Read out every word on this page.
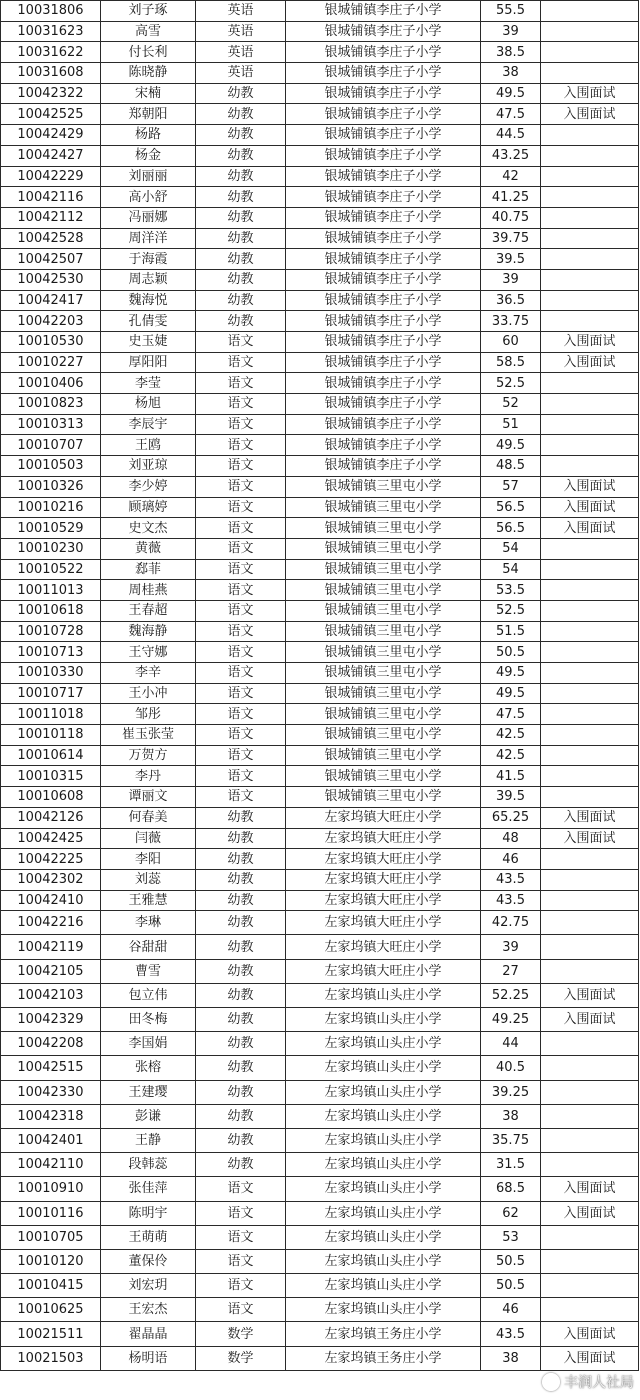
10031806	刘子琢	英语	银城铺镇李庄子小学	55.5	
10031623	高雪	英语	银城铺镇李庄子小学	39	
10031622	付长利	英语	银城铺镇李庄子小学	38.5	
10031608	陈晓静	英语	银城铺镇李庄子小学	38	
10042322	宋楠	幼教	银城铺镇李庄子小学	49.5	入围面试
10042525	郑朝阳	幼教	银城铺镇李庄子小学	47.5	入围面试
10042429	杨路	幼教	银城铺镇李庄子小学	44.5	
10042427	杨金	幼教	银城铺镇李庄子小学	43.25	
10042229	刘丽丽	幼教	银城铺镇李庄子小学	42	
10042116	高小舒	幼教	银城铺镇李庄子小学	41.25	
10042112	冯丽娜	幼教	银城铺镇李庄子小学	40.75	
10042528	周洋洋	幼教	银城铺镇李庄子小学	39.75	
10042507	于海霞	幼教	银城铺镇李庄子小学	39.5	
10042530	周志颖	幼教	银城铺镇李庄子小学	39	
10042417	魏海悦	幼教	银城铺镇李庄子小学	36.5	
10042203	孔倩雯	幼教	银城铺镇李庄子小学	33.75	
10010530	史玉婕	语文	银城铺镇李庄子小学	60	入围面试
10010227	厚阳阳	语文	银城铺镇李庄子小学	58.5	入围面试
10010406	李莹	语文	银城铺镇李庄子小学	52.5	
10010823	杨旭	语文	银城铺镇李庄子小学	52	
10010313	李辰宇	语文	银城铺镇李庄子小学	51	
10010707	王鸥	语文	银城铺镇李庄子小学	49.5	
10010503	刘亚琼	语文	银城铺镇李庄子小学	48.5	
10010326	李少婷	语文	银城铺镇三里屯小学	57	入围面试
10010216	顾璃婷	语文	银城铺镇三里屯小学	56.5	入围面试
10010529	史文杰	语文	银城铺镇三里屯小学	56.5	入围面试
10010230	黄薇	语文	银城铺镇三里屯小学	54	
10010522	郄菲	语文	银城铺镇三里屯小学	54	
10011013	周桂燕	语文	银城铺镇三里屯小学	53.5	
10010618	王春超	语文	银城铺镇三里屯小学	52.5	
10010728	魏海静	语文	银城铺镇三里屯小学	51.5	
10010713	王守娜	语文	银城铺镇三里屯小学	50.5	
10010330	李辛	语文	银城铺镇三里屯小学	49.5	
10010717	王小冲	语文	银城铺镇三里屯小学	49.5	
10011018	邹彤	语文	银城铺镇三里屯小学	47.5	
10010118	崔玉张莹	语文	银城铺镇三里屯小学	42.5	
10010614	万贺方	语文	银城铺镇三里屯小学	42.5	
10010315	李丹	语文	银城铺镇三里屯小学	41.5	
10010608	谭丽文	语文	银城铺镇三里屯小学	39.5	
10042126	何春美	幼教	左家坞镇大旺庄小学	65.25	入围面试
10042425	闫薇	幼教	左家坞镇大旺庄小学	48	入围面试
10042225	李阳	幼教	左家坞镇大旺庄小学	46	
10042302	刘蕊	幼教	左家坞镇大旺庄小学	43.5	
10042410	王雅慧	幼教	左家坞镇大旺庄小学	43.5	
10042216	李琳	幼教	左家坞镇大旺庄小学	42.75	
10042119	谷甜甜	幼教	左家坞镇大旺庄小学	39	
10042105	曹雪	幼教	左家坞镇大旺庄小学	27	
10042103	包立伟	幼教	左家坞镇山头庄小学	52.25	入围面试
10042329	田冬梅	幼教	左家坞镇山头庄小学	49.25	入围面试
10042208	李国娟	幼教	左家坞镇山头庄小学	44	
10042515	张榕	幼教	左家坞镇山头庄小学	40.5	
10042330	王建璎	幼教	左家坞镇山头庄小学	39.25	
10042318	彭谦	幼教	左家坞镇山头庄小学	38	
10042401	王静	幼教	左家坞镇山头庄小学	35.75	
10042110	段韩蕊	幼教	左家坞镇山头庄小学	31.5	
10010910	张佳萍	语文	左家坞镇山头庄小学	68.5	入围面试
10010116	陈明宇	语文	左家坞镇山头庄小学	62	入围面试
10010705	王萌萌	语文	左家坞镇山头庄小学	53	
10010120	董保伶	语文	左家坞镇山头庄小学	50.5	
10010415	刘宏玥	语文	左家坞镇山头庄小学	50.5	
10010625	王宏杰	语文	左家坞镇山头庄小学	46	
10021511	翟晶晶	数学	左家坞镇王务庄小学	43.5	入围面试
10021503	杨明语	数学	左家坞镇王务庄小学	38	入围面试
丰润人社局
